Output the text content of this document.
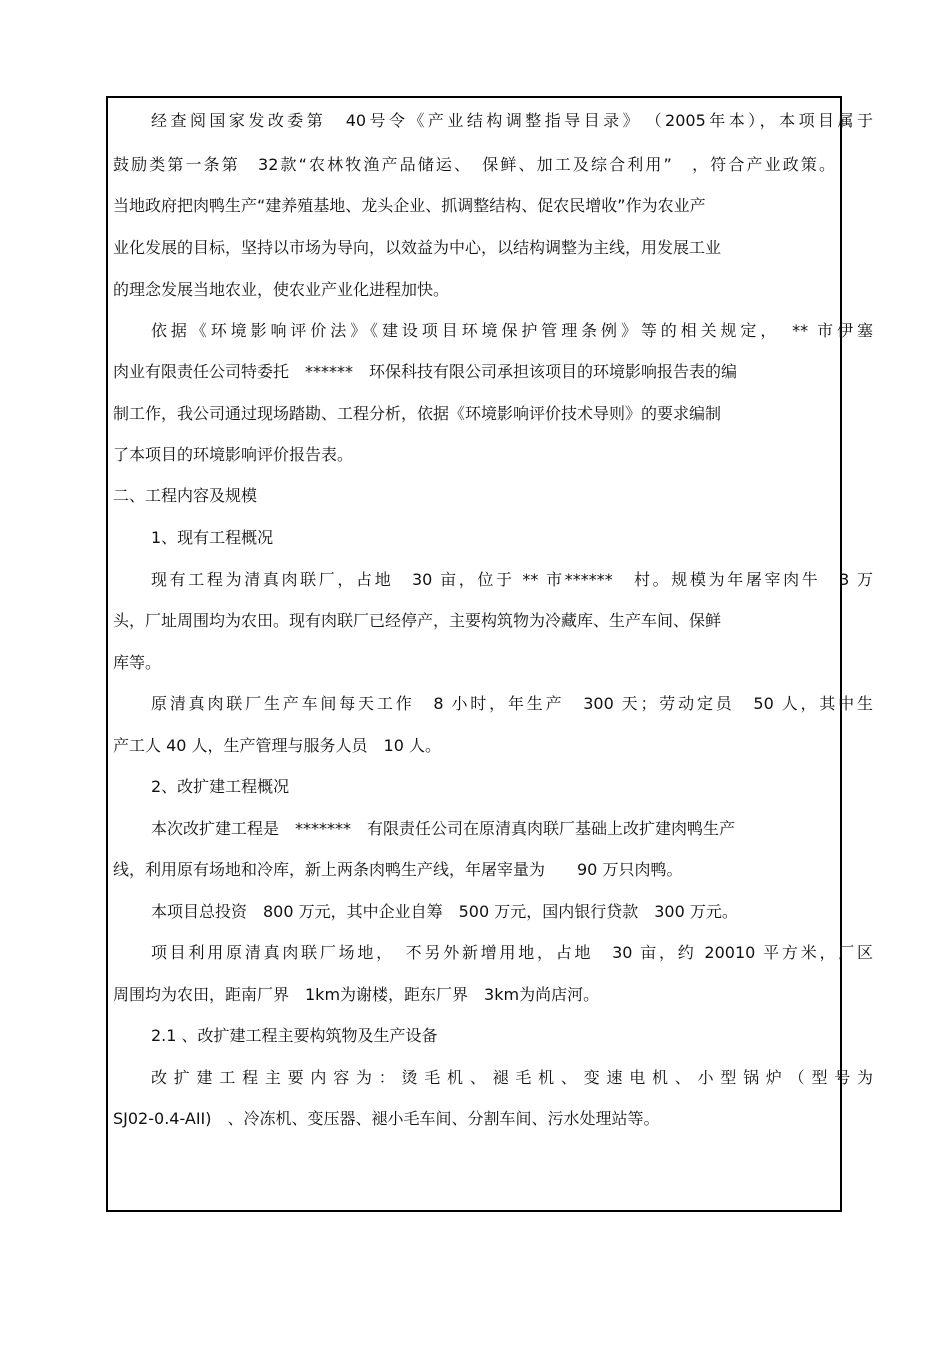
经查阅国家发改委第　40号令《产业结构调整指导目录》　（2005年本），本项目属于
鼓励类第一条第　32款“农林牧渔产品储运、　保鲜、加工及综合利用”　，符合产业政策。
当地政府把肉鸭生产“建养殖基地、龙头企业、抓调整结构、促农民增收”作为农业产
业化发展的目标，坚持以市场为导向，以效益为中心，以结构调整为主线，用发展工业
的理念发展当地农业，使农业产业化进程加快。
依据《环境影响评价法》《建设项目环境保护管理条例》等的相关规定，　** 市伊塞
肉业有限责任公司特委托　******　环保科技有限公司承担该项目的环境影响报告表的编
制工作，我公司通过现场踏勘、工程分析，依据《环境影响评价技术导则》的要求编制
了本项目的环境影响评价报告表。
二、工程内容及规模
1、现有工程概况
现有工程为清真肉联厂，占地　30 亩，位于 ** 市******　村。规模为年屠宰肉牛　3 万
头，厂址周围均为农田。现有肉联厂已经停产，主要构筑物为冷藏库、生产车间、保鲜
库等。
原清真肉联厂生产车间每天工作　8 小时，年生产　300 天；劳动定员　50 人，其中生
产工人 40 人，生产管理与服务人员　10 人。
2、改扩建工程概况
本次改扩建工程是　*******　有限责任公司在原清真肉联厂基础上改扩建肉鸭生产
线，利用原有场地和冷库，新上两条肉鸭生产线，年屠宰量为　　90 万只肉鸭。
本项目总投资　800 万元，其中企业自筹　500 万元，国内银行贷款　300 万元。
项目利用原清真肉联厂场地，　不另外新增用地，占地　30 亩，约 20010 平方米，厂区
周围均为农田，距南厂界　1km为谢楼，距东厂界　3km为尚店河。
2.1 、改扩建工程主要构筑物及生产设备
改扩建工程主要内容为：烫毛机、褪毛机、变速电机、小型锅炉（型号为
SJ02-0.4-AII)　、冷冻机、变压器、褪小毛车间、分割车间、污水处理站等。
